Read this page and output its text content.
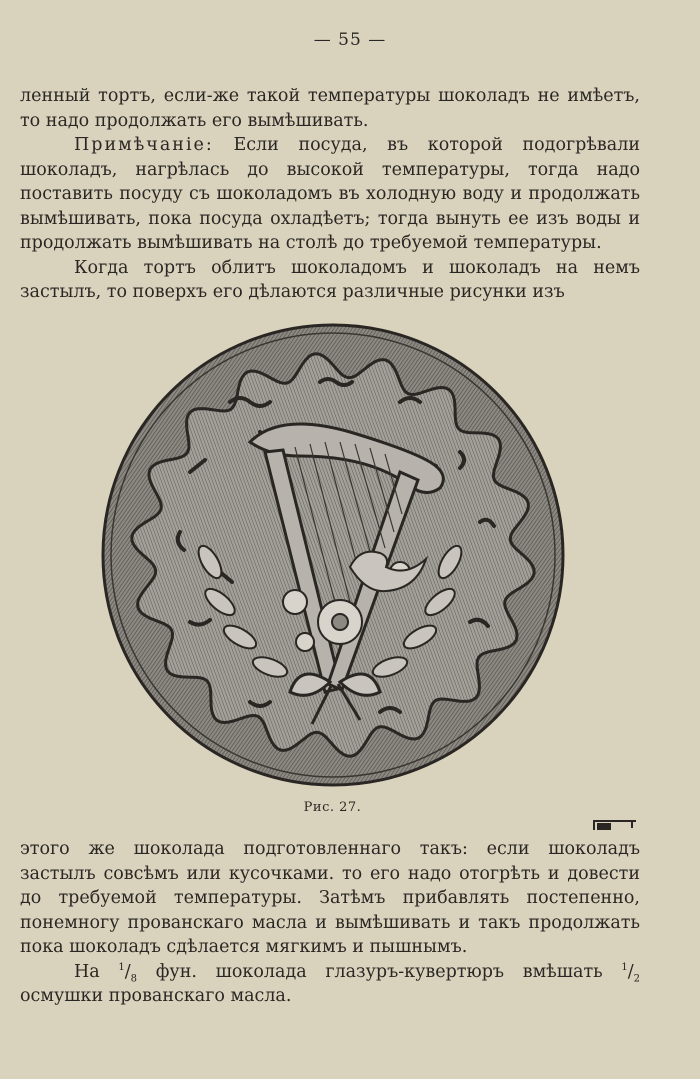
— 55 —

ленный тортъ, если-же такой температуры шоколадъ не имѣетъ, то надо продолжать его вымѣшивать.

Примѣчаніе: Если посуда, въ которой подогрѣвали шоколадъ, нагрѣлась до высокой температуры, тогда надо поставить посуду съ шоколадомъ въ холодную воду и продолжать вымѣшивать, пока посуда охладѣетъ; тогда вынуть ее изъ воды и продолжать вымѣшивать на столѣ до требуемой температуры.

Когда тортъ облитъ шоколадомъ и шоколадъ на немъ застылъ, то поверхъ его дѣлаются различные рисунки изъ

Рис. 27.

этого же шоколада подготовленнаго такъ: если шоколадъ застылъ совсѣмъ или кусочками. то его надо отогрѣть и довести до требуемой температуры. Затѣмъ прибавлять постепенно, понемногу прованскаго масла и вымѣшивать и такъ продолжать пока шоколадъ сдѣлается мягкимъ и пышнымъ.

На $^1/_8$ фун. шоколада глазуръ-кувертюръ вмѣшать $^1/_2$ осмушки прованскаго масла.
